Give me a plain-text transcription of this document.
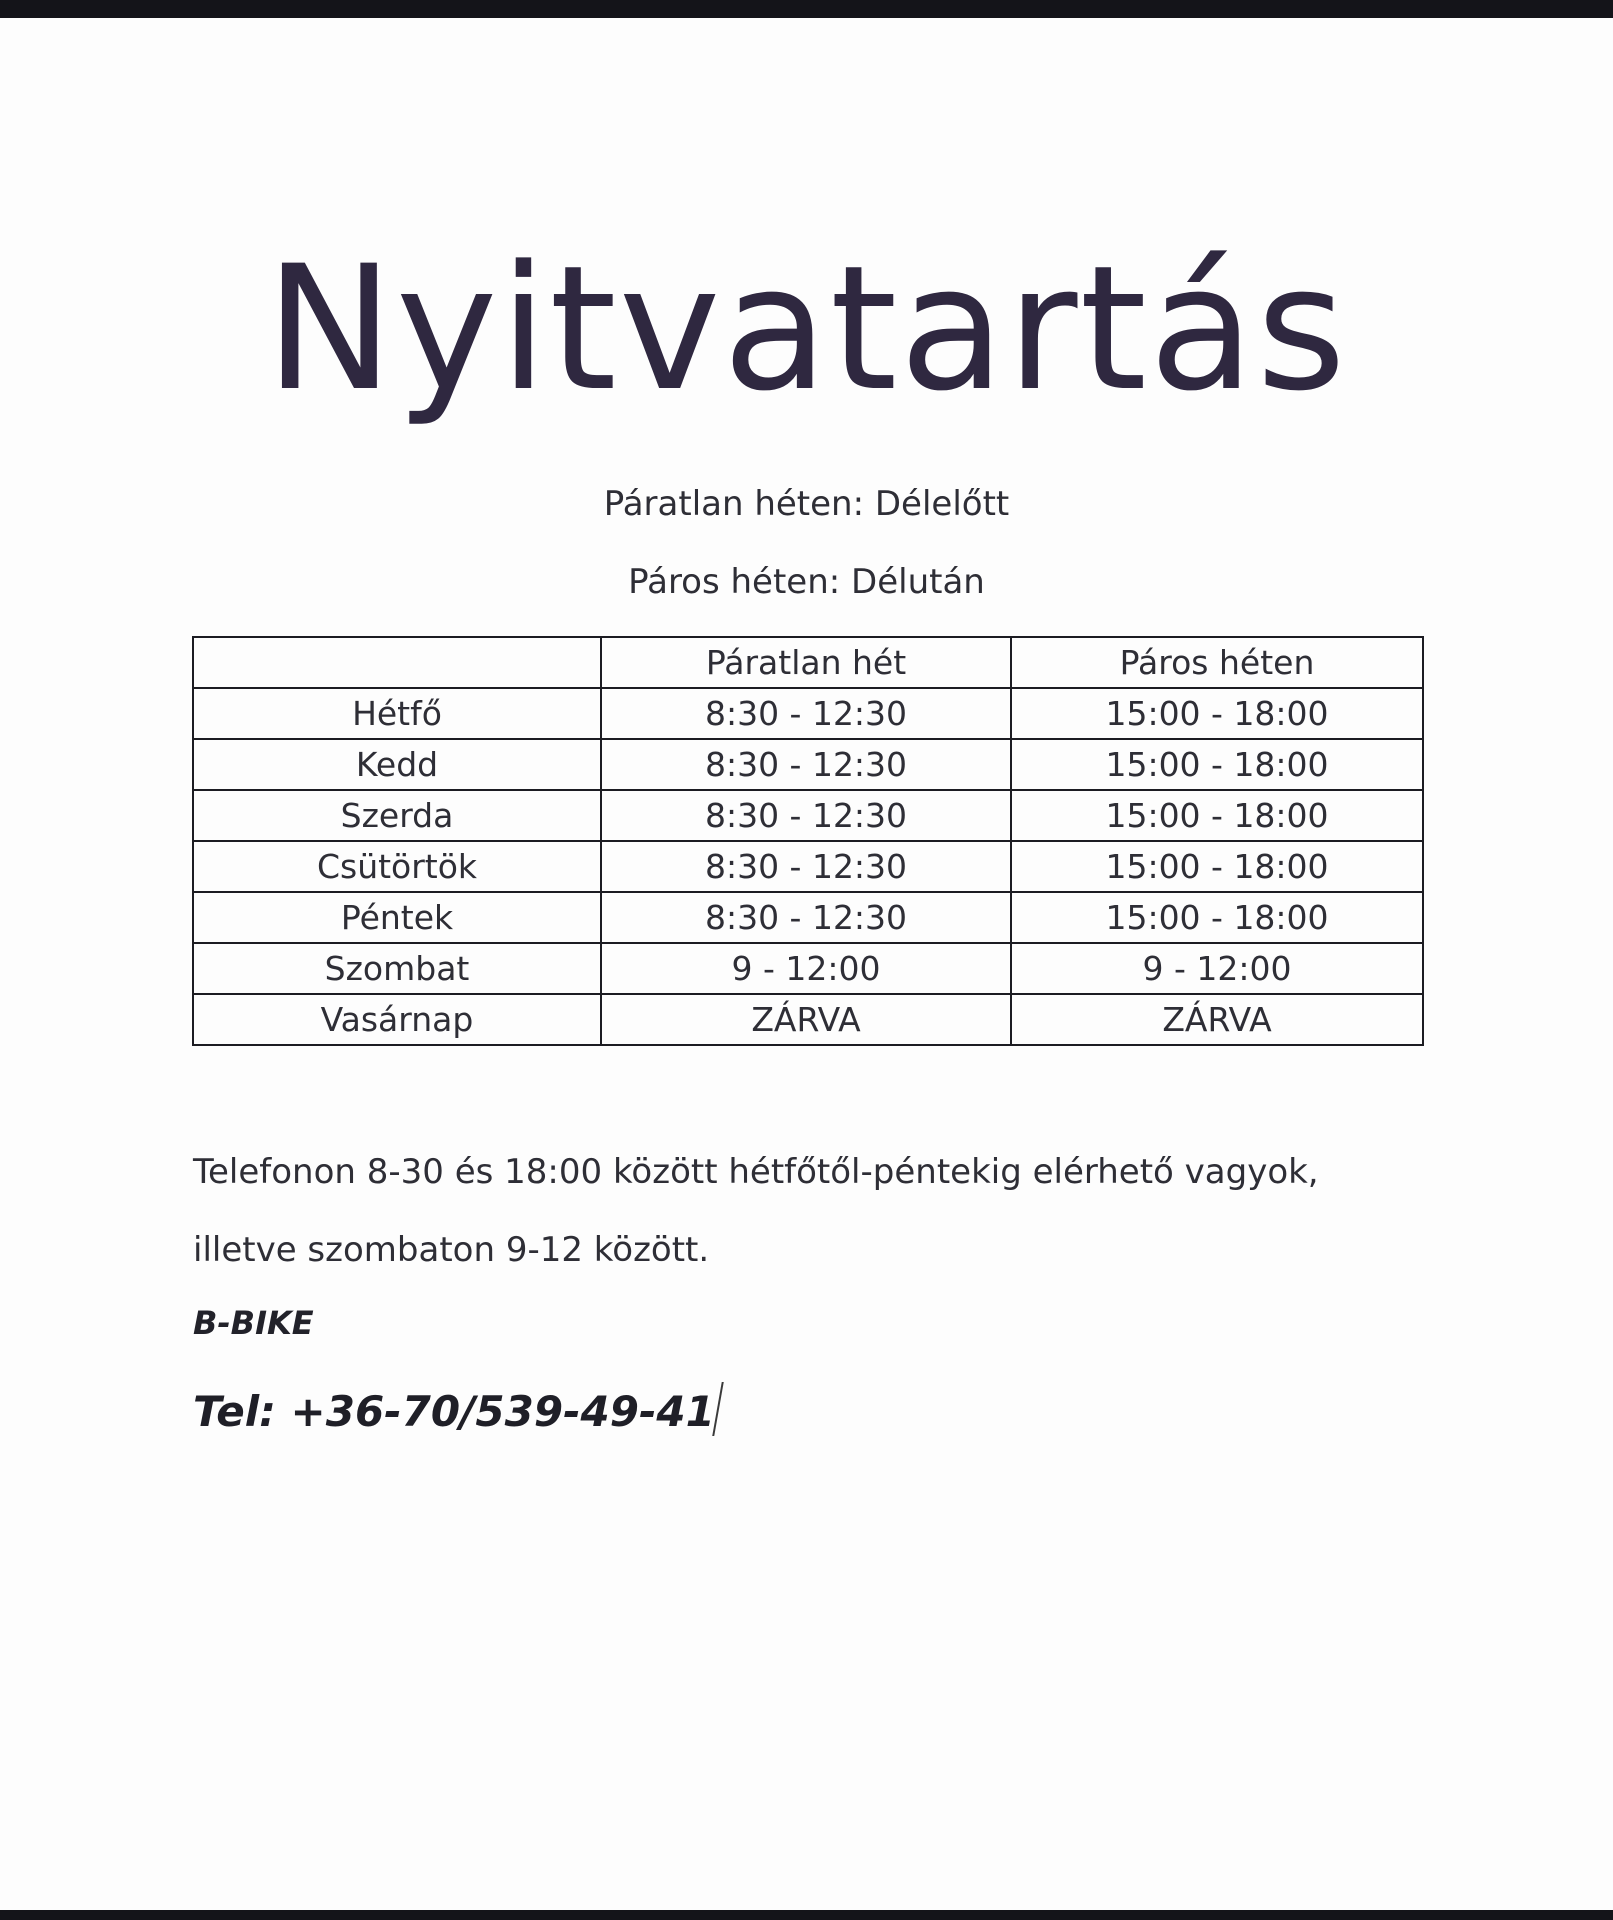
Nyitvatartás
Páratlan héten: Délelőtt
Páros héten: Délután
	Páratlan hét	Páros héten
Hétfő	8:30 - 12:30	15:00 - 18:00
Kedd	8:30 - 12:30	15:00 - 18:00
Szerda	8:30 - 12:30	15:00 - 18:00
Csütörtök	8:30 - 12:30	15:00 - 18:00
Péntek	8:30 - 12:30	15:00 - 18:00
Szombat	9 - 12:00	9 - 12:00
Vasárnap	ZÁRVA	ZÁRVA
Telefonon 8-30 és 18:00 között hétfőtől-péntekig elérhető vagyok,
illetve szombaton 9-12 között.
B-BIKE
Tel: +36-70/539-49-41
